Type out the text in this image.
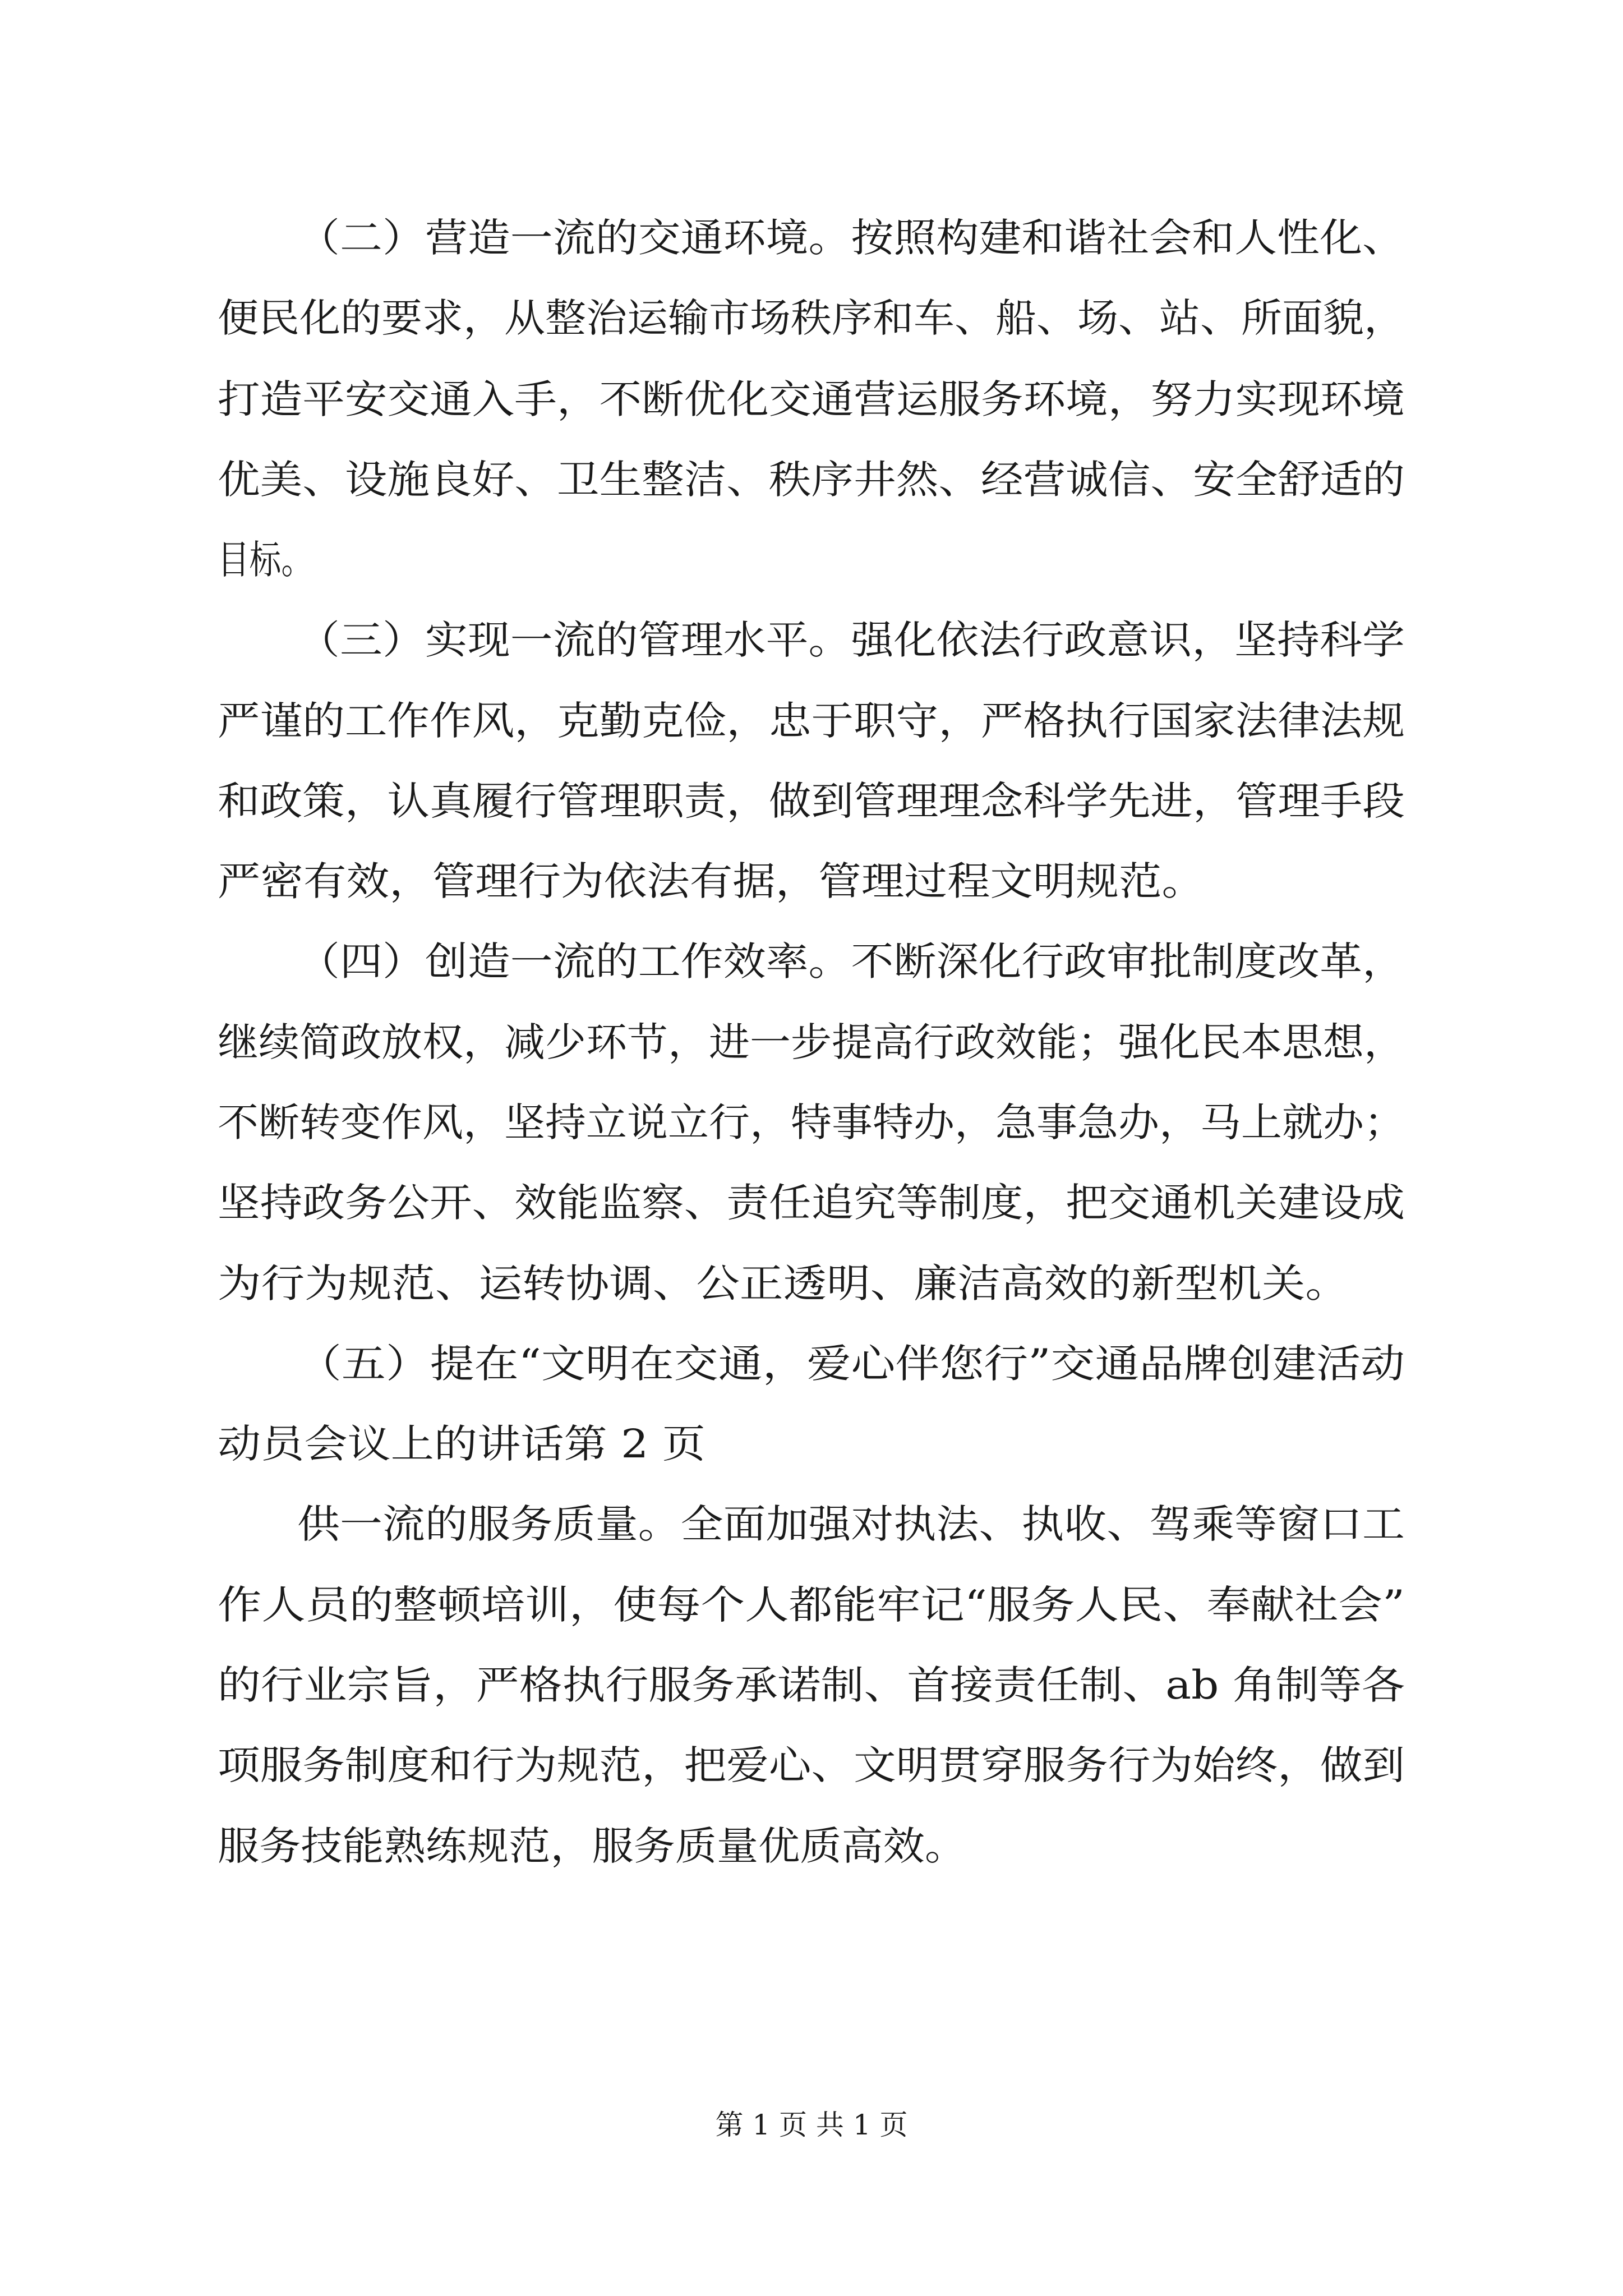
（二）营造一流的交通环境。按照构建和谐社会和人性化、
便民化的要求，从整治运输市场秩序和车、船、场、站、所面貌，
打造平安交通入手，不断优化交通营运服务环境，努力实现环境
优美、设施良好、卫生整洁、秩序井然、经营诚信、安全舒适的
目标。
（三）实现一流的管理水平。强化依法行政意识，坚持科学
严谨的工作作风，克勤克俭，忠于职守，严格执行国家法律法规
和政策，认真履行管理职责，做到管理理念科学先进，管理手段
严密有效，管理行为依法有据，管理过程文明规范。
（四）创造一流的工作效率。不断深化行政审批制度改革，
继续简政放权，减少环节，进一步提高行政效能；强化民本思想，
不断转变作风，坚持立说立行，特事特办，急事急办，马上就办；
坚持政务公开、效能监察、责任追究等制度，把交通机关建设成
为行为规范、运转协调、公正透明、廉洁高效的新型机关。
（五）提在“文明在交通，爱心伴您行”交通品牌创建活动
动员会议上的讲话第 2 页
供一流的服务质量。全面加强对执法、执收、驾乘等窗口工
作人员的整顿培训，使每个人都能牢记“服务人民、奉献社会”
的行业宗旨，严格执行服务承诺制、首接责任制、ab 角制等各
项服务制度和行为规范，把爱心、文明贯穿服务行为始终，做到
服务技能熟练规范，服务质量优质高效。
第 1 页 共 1 页
